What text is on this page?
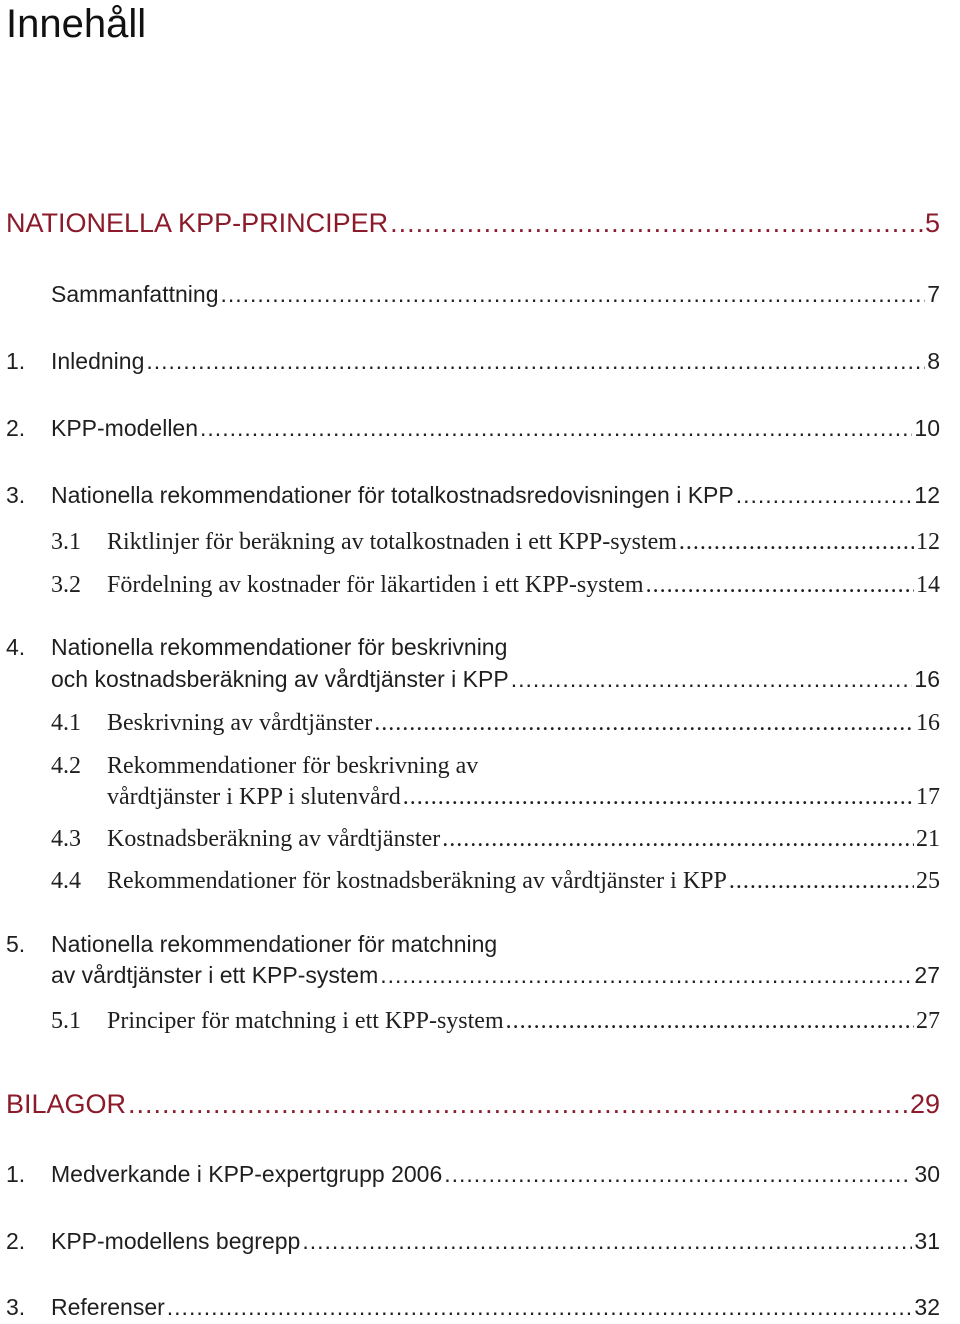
Innehåll
NATIONELLA KPP-PRINCIPER .....	5
Sammanfattning .....	7
1.	Inledning .....	8
2.	KPP-modellen .....	10
3.	Nationella rekommendationer för totalkostnadsredovisningen i KPP .....	12
3.1	Riktlinjer för beräkning av totalkostnaden i ett KPP-system .....	12
3.2	Fördelning av kostnader för läkartiden i ett KPP-system .....	14
4. Nationella rekommendationer för beskrivning
och kostnadsberäkning av vårdtjänster i KPP .....	16
4.1	Beskrivning av vårdtjänster .....	16
4.2 Rekommendationer för beskrivning av
vårdtjänster i KPP i slutenvård .....	17
4.3	Kostnadsberäkning av vårdtjänster .....	21
4.4	Rekommendationer för kostnadsberäkning av vårdtjänster i KPP .....	25
5. Nationella rekommendationer för matchning
av vårdtjänster i ett KPP-system .....	27
5.1	Principer för matchning i ett KPP-system .....	27
BILAGOR .....	29
1.	Medverkande i KPP-expertgrupp 2006 .....	30
2.	KPP-modellens begrepp .....	31
3.	Referenser .....	32
